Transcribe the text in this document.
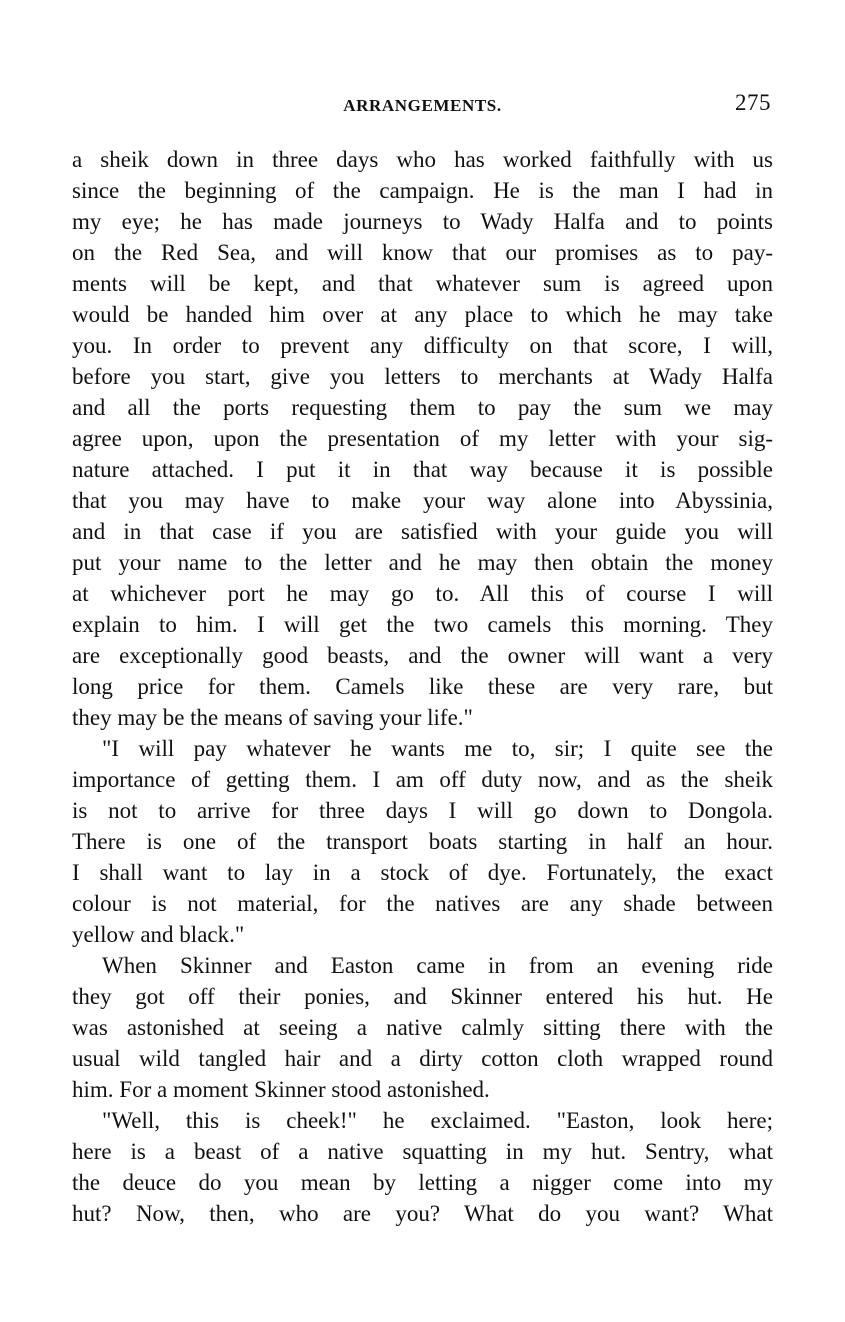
ARRANGEMENTS.	275
a sheik down in three days who has worked faithfully with us
since the beginning of the campaign. He is the man I had in
my eye; he has made journeys to Wady Halfa and to points
on the Red Sea, and will know that our promises as to pay-
ments will be kept, and that whatever sum is agreed upon
would be handed him over at any place to which he may take
you. In order to prevent any difficulty on that score, I will,
before you start, give you letters to merchants at Wady Halfa
and all the ports requesting them to pay the sum we may
agree upon, upon the presentation of my letter with your sig-
nature attached. I put it in that way because it is possible
that you may have to make your way alone into Abyssinia,
and in that case if you are satisfied with your guide you will
put your name to the letter and he may then obtain the money
at whichever port he may go to. All this of course I will
explain to him. I will get the two camels this morning. They
are exceptionally good beasts, and the owner will want a very
long price for them. Camels like these are very rare, but
they may be the means of saving your life."
"I will pay whatever he wants me to, sir; I quite see the
importance of getting them. I am off duty now, and as the sheik
is not to arrive for three days I will go down to Dongola.
There is one of the transport boats starting in half an hour.
I shall want to lay in a stock of dye. Fortunately, the exact
colour is not material, for the natives are any shade between
yellow and black."
When Skinner and Easton came in from an evening ride
they got off their ponies, and Skinner entered his hut. He
was astonished at seeing a native calmly sitting there with the
usual wild tangled hair and a dirty cotton cloth wrapped round
him. For a moment Skinner stood astonished.
"Well, this is cheek!" he exclaimed. "Easton, look here;
here is a beast of a native squatting in my hut. Sentry, what
the deuce do you mean by letting a nigger come into my
hut? Now, then, who are you? What do you want? What
